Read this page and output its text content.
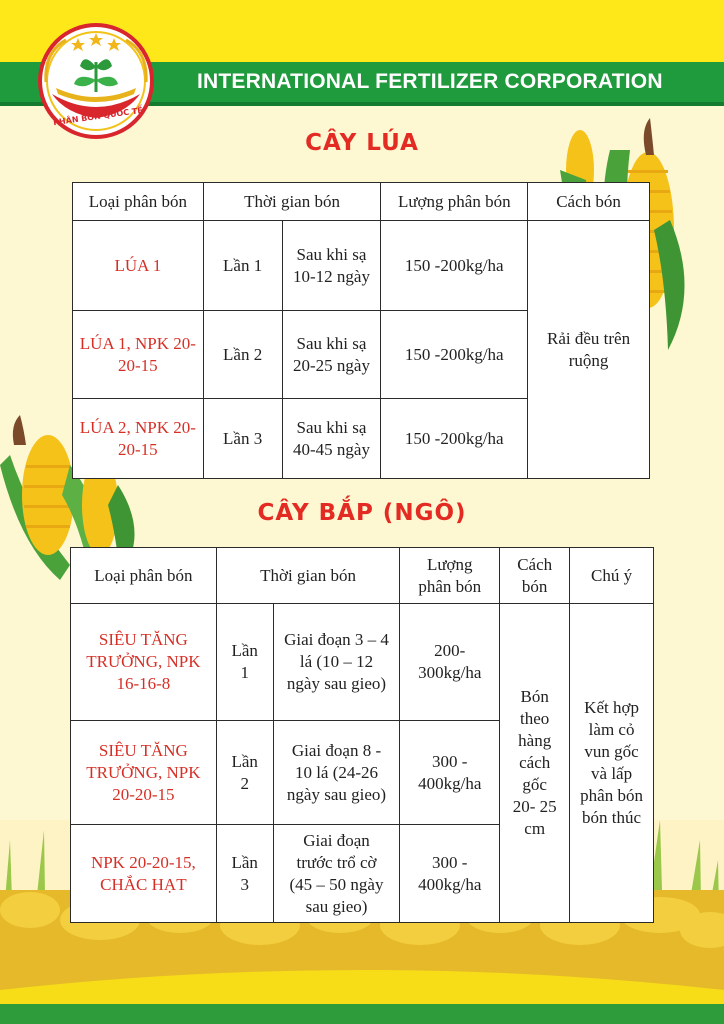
INTERNATIONAL FERTILIZER CORPORATION
PHÂN BÓN QUỐC TẾ
CÂY LÚA
Loại phân bón	Thời gian bón		Lượng phân bón	Cách bón
LÚA 1	Lần 1	Sau khi sạ 10-12 ngày	150 -200kg/ha	Rải đều trên ruộng
LÚA 1, NPK 20-20-15	Lần 2	Sau khi sạ 20-25 ngày	150 -200kg/ha	
LÚA 2, NPK 20-20-15	Lần 3	Sau khi sạ 40-45 ngày	150 -200kg/ha	
CÂY BẮP (NGÔ)
Loại phân bón	Thời gian bón		Lượng phân bón	Cách bón	Chú ý
SIÊU TĂNG TRƯỞNG, NPK 16-16-8	Lần 1	Giai đoạn 3 – 4 lá (10 – 12 ngày sau gieo)	200-300kg/ha	Bón theo hàng cách gốc 20- 25 cm	Kết hợp làm cỏ vun gốc và lấp phân bón bón thúc
SIÊU TĂNG TRƯỞNG, NPK 20-20-15	Lần 2	Giai đoạn 8 - 10 lá (24-26 ngày sau gieo)	300 - 400kg/ha		
NPK 20-20-15, CHẮC HẠT	Lần 3	Giai đoạn trước trổ cờ (45 – 50 ngày sau gieo)	300 - 400kg/ha		
